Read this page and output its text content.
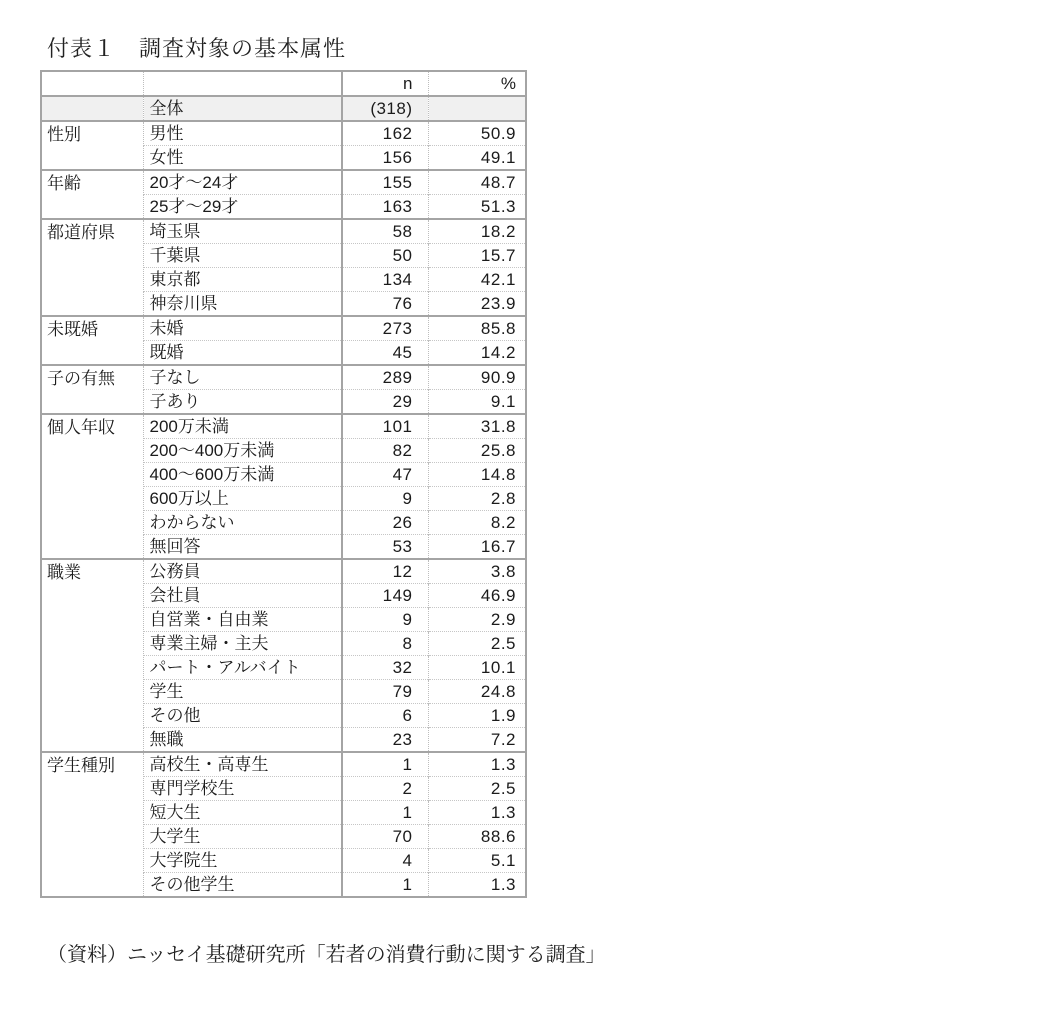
付表１　調査対象の基本属性
		n	%
	全体	(318)	
性別	男性	162	50.9
	女性	156	49.1
年齢	20才～24才	155	48.7
	25才～29才	163	51.3
都道府県	埼玉県	58	18.2
	千葉県	50	15.7
	東京都	134	42.1
	神奈川県	76	23.9
未既婚	未婚	273	85.8
	既婚	45	14.2
子の有無	子なし	289	90.9
	子あり	29	9.1
個人年収	200万未満	101	31.8
	200～400万未満	82	25.8
	400～600万未満	47	14.8
	600万以上	9	2.8
	わからない	26	8.2
	無回答	53	16.7
職業	公務員	12	3.8
	会社員	149	46.9
	自営業・自由業	9	2.9
	専業主婦・主夫	8	2.5
	パート・アルバイト	32	10.1
	学生	79	24.8
	その他	6	1.9
	無職	23	7.2
学生種別	高校生・高専生	1	1.3
	専門学校生	2	2.5
	短大生	1	1.3
	大学生	70	88.6
	大学院生	4	5.1
	その他学生	1	1.3

（資料）ニッセイ基礎研究所「若者の消費行動に関する調査」
